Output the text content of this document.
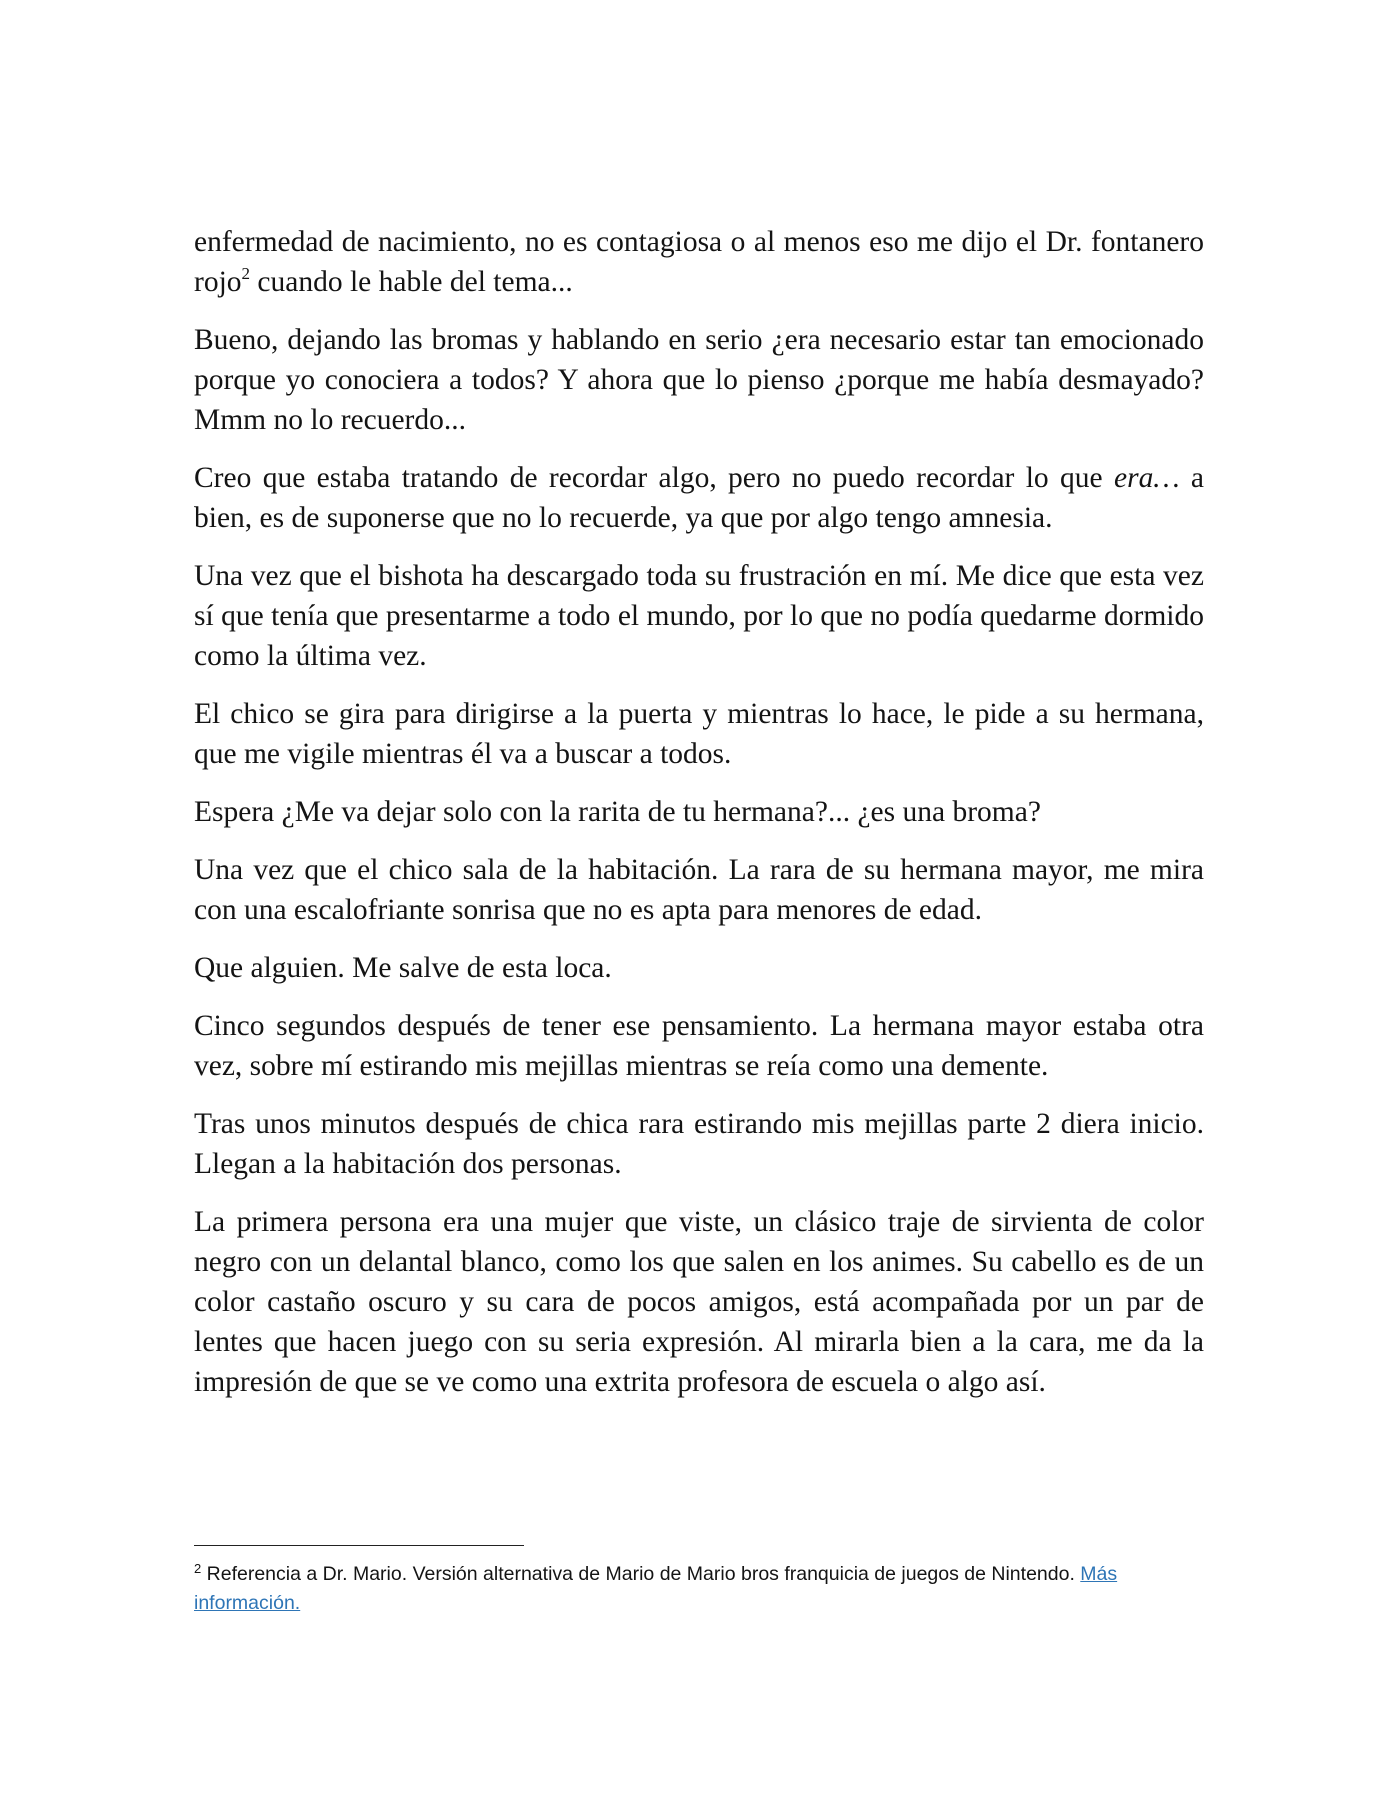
enfermedad de nacimiento, no es contagiosa o al menos eso me dijo el Dr. fontanero rojo$^2$ cuando le hable del tema...

Bueno, dejando las bromas y hablando en serio ¿era necesario estar tan emocionado porque yo conociera a todos? Y ahora que lo pienso ¿porque me había desmayado? Mmm no lo recuerdo...

Creo que estaba tratando de recordar algo, pero no puedo recordar lo que era… a bien, es de suponerse que no lo recuerde, ya que por algo tengo amnesia.

Una vez que el bishota ha descargado toda su frustración en mí. Me dice que esta vez sí que tenía que presentarme a todo el mundo, por lo que no podía quedarme dormido como la última vez.

El chico se gira para dirigirse a la puerta y mientras lo hace, le pide a su hermana, que me vigile mientras él va a buscar a todos.

Espera ¿Me va dejar solo con la rarita de tu hermana?... ¿es una broma?

Una vez que el chico sala de la habitación. La rara de su hermana mayor, me mira con una escalofriante sonrisa que no es apta para menores de edad.

Que alguien. Me salve de esta loca.

Cinco segundos después de tener ese pensamiento. La hermana mayor estaba otra vez, sobre mí estirando mis mejillas mientras se reía como una demente.

Tras unos minutos después de chica rara estirando mis mejillas parte 2 diera inicio. Llegan a la habitación dos personas.

La primera persona era una mujer que viste, un clásico traje de sirvienta de color negro con un delantal blanco, como los que salen en los animes. Su cabello es de un color castaño oscuro y su cara de pocos amigos, está acompañada por un par de lentes que hacen juego con su seria expresión. Al mirarla bien a la cara, me da la impresión de que se ve como una extrita profesora de escuela o algo así.

$^2$ Referencia a Dr. Mario. Versión alternativa de Mario de Mario bros franquicia de juegos de Nintendo. Más información.
